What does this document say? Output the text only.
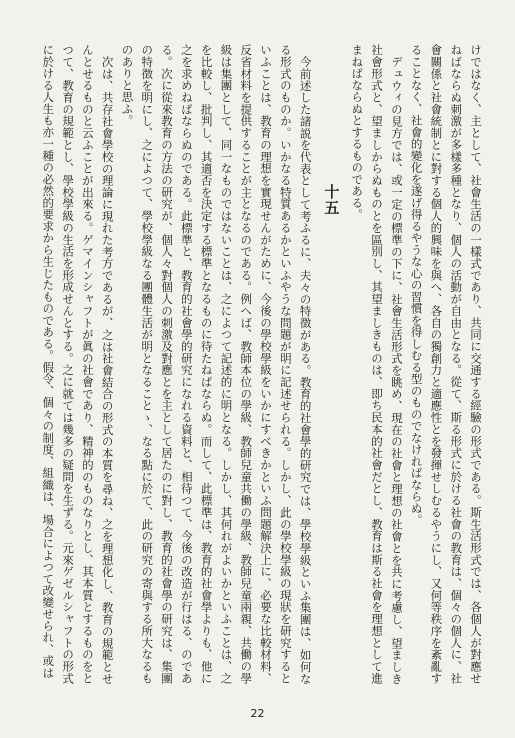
けではなく、主として、社會生活の一樣式であり、共同に交通する經驗の形式である。斯生活形式では、各個人が對應せねばならぬ刺激が多樣多種となり、個人の活動が自由となる。從て、斯る形式に於ける社會の教育は、個々の個人に、社會關係と社會統制とに對する個人的興味を與へ、各自の獨創力と適應性とを發揮せしむるやうにし、又何等秩序を紊亂することなく、社會的變化を遂げ得るやうな心の習慣を得しむる型のものでなければならぬ。

デュウィの見方では、或一定の標準の下に、社會生活形式を眺め、現在の社會と理想の社會とを共に考慮し、望ましき社會形式と、望ましからぬものとを區別し、其望ましきものは、即ち民本的社會だとし、教育は斯る社會を理想として進まねばならぬとするものである。

十五

今前述した諸説を代表として考ふるに、夫々の特徴がある。教育的社會學的研究では、學校學級といふ集團は、如何なる形式のものか。いかなる特質あるかといふやうな問題が明に記述せられる。しかし、此の學校學級の現狀を研究するといふことは、教育の理想を實現せんがために、今後の學校學級をいかにすべきかといふ問題解決上に、必要な比較材料、反省材料を提供することが主となるのである。例へば、教師本位の學級、教師兒童共働の學級、教師兒童兩親、共働の學級は集團として、同一なものではないことは、之によつて記述的に明となる。しかし、其何れがよいかといふことは、之を比較し、批判し、其適否を決定する標準となるものに待たねばならぬ。而して、此標準は、教育的社會學よりも、他に之を求めねばならぬのである。此標準と、教育的社會學的研究になれる資料と、相待つて、今後の改造が行はる、のである。次に從來教育の方法の研究が、個人々對個人の刺激及對應とを主として居たのに對し、教育的社會學の研究は、集團の特徴を明にし、之によつて、學校學級なる團體生活が明となることゝ、なる點に於て、此の研究の寄與する所大なるものありと思ふ。

次は、共存社會學校の理論に現れた考方であるが、之は社會結合の形式の本質を尋ね、之を理想化し、教育の規範とせんとせるものと云ふことが出來る。ゲマインシャフトが眞の社會であり、精神的のものなりとし、其本質とするものをとつて、教育の規範とし、學校學級の生活を形成せんとする。之に就ては幾多の疑問を生ずる。元來ゲゼルシャフトの形式に於ける人生も亦一種の必然的要求から生じたものである。假令、個々の制度、組織は、場合によつて改變せられ、或は

22
